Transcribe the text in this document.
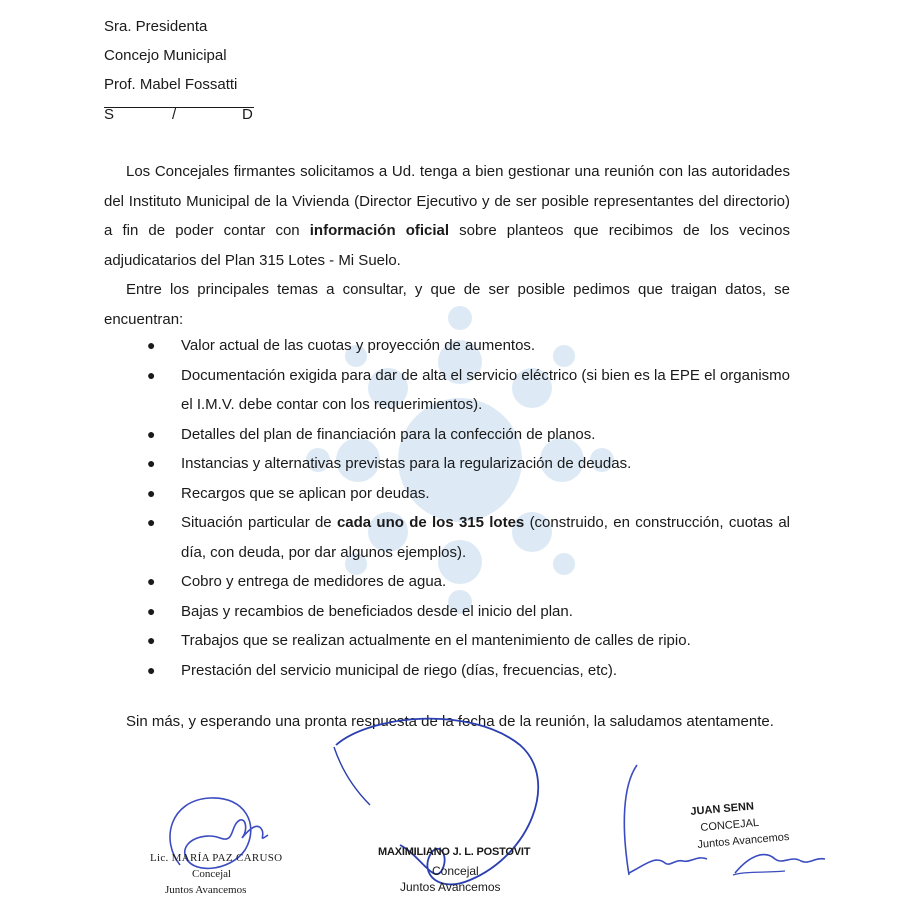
Sra. Presidenta
Concejo Municipal
Prof. Mabel Fossatti
S	/	D

Los Concejales firmantes solicitamos a Ud. tenga a bien gestionar una reunión con las autoridades del Instituto Municipal de la Vivienda (Director Ejecutivo y de ser posible representantes del directorio) a fin de poder contar con información oficial sobre planteos que recibimos de los vecinos adjudicatarios del Plan 315 Lotes - Mi Suelo.

Entre los principales temas a consultar, y que de ser posible pedimos que traigan datos, se encuentran:

● Valor actual de las cuotas y proyección de aumentos.
● Documentación exigida para dar de alta el servicio eléctrico (si bien es la EPE el organismo el I.M.V. debe contar con los requerimientos).
● Detalles del plan de financiación para la confección de planos.
● Instancias y alternativas previstas para la regularización de deudas.
● Recargos que se aplican por deudas.
● Situación particular de cada uno de los 315 lotes (construido, en construcción, cuotas al día, con deuda, por dar algunos ejemplos).
● Cobro y entrega de medidores de agua.
● Bajas y recambios de beneficiados desde el inicio del plan.
● Trabajos que se realizan actualmente en el mantenimiento de calles de ripio.
● Prestación del servicio municipal de riego (días, frecuencias, etc).

Sin más, y esperando una pronta respuesta de la fecha de la reunión, la saludamos atentamente.

Lic. MARÍA PAZ CARUSO
Concejal
Juntos Avancemos
MAXIMILIANO J. L. POSTOVIT
Concejal
Juntos Avancemos
JUAN SENN
CONCEJAL
Juntos Avancemos
